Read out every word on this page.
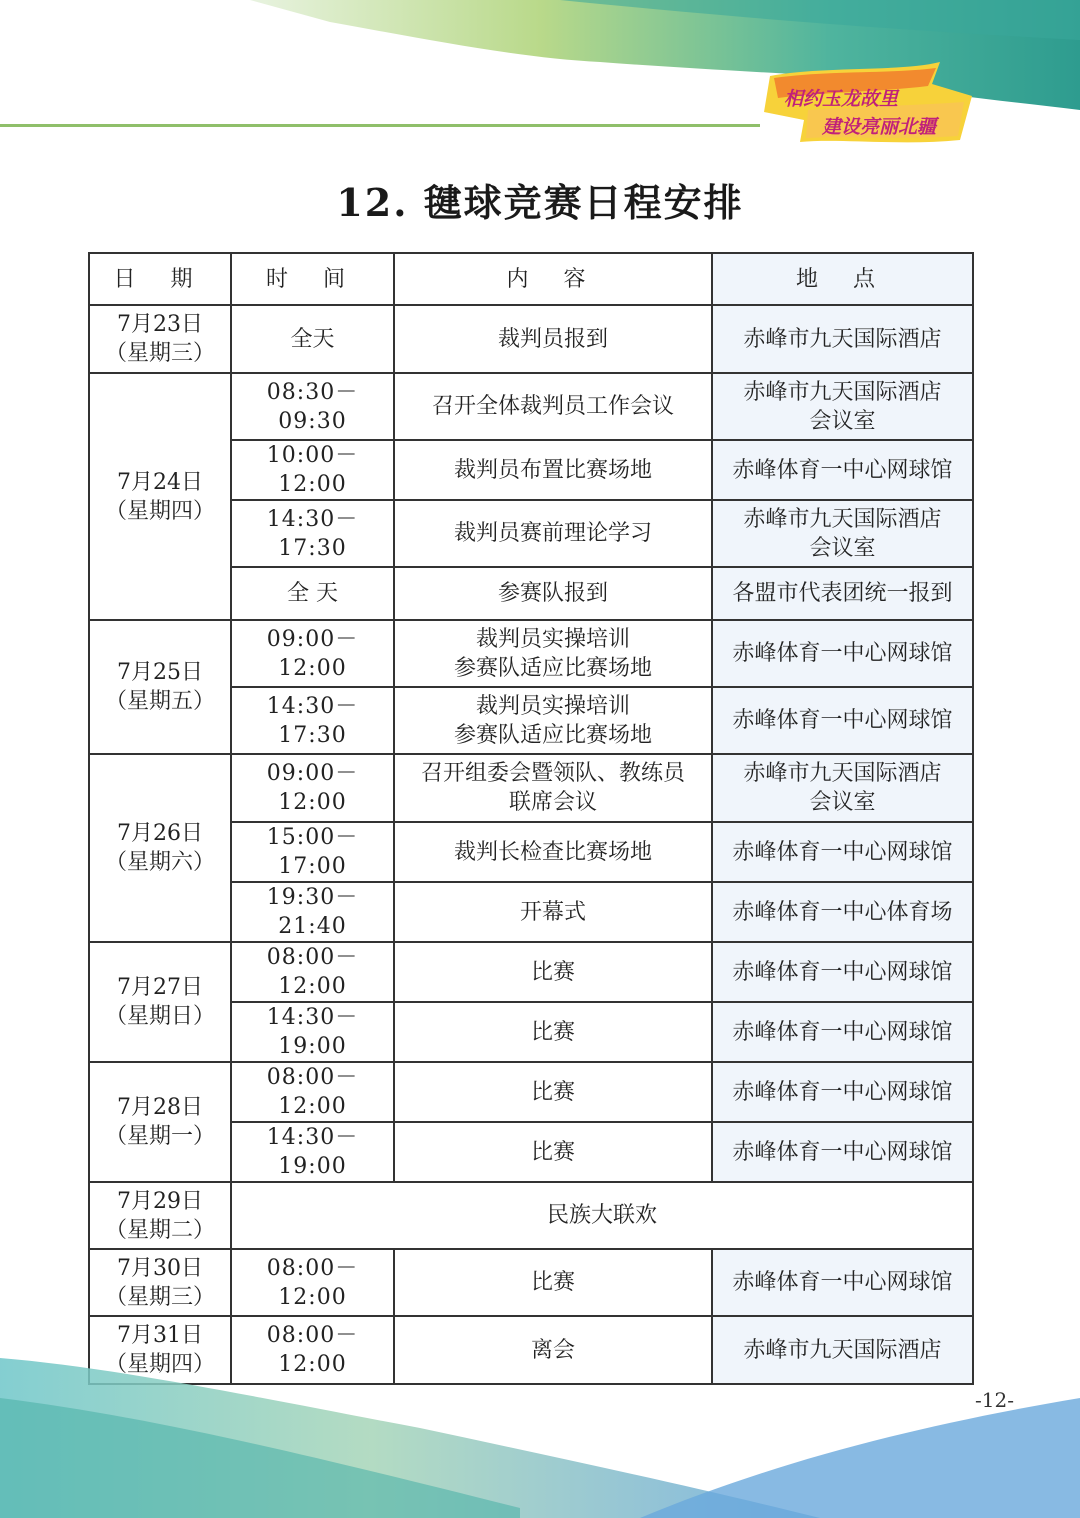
相约玉龙故里
建设亮丽北疆
12. 毽球竞赛日程安排
日 期	时 间	内 容	地 点

7月23日
（星期三）	全天	裁判员报到	赤峰市九天国际酒店

7月24日
（星期四）	08:30－09:30	召开全体裁判员工作会议	赤峰市九天国际酒店
会议室

	10:00－12:00	裁判员布置比赛场地	赤峰体育一中心网球馆
	14:30－17:30	裁判员赛前理论学习	赤峰市九天国际酒店
会议室

	全 天	参赛队报到	各盟市代表团统一报到

7月25日
（星期五）	09:00－12:00	裁判员实操培训
参赛队适应比赛场地	赤峰体育一中心网球馆
	14:30－17:30	裁判员实操培训
参赛队适应比赛场地	赤峰体育一中心网球馆

7月26日
（星期六）	09:00－12:00	召开组委会暨领队、教练员
联席会议	赤峰市九天国际酒店
会议室

	15:00－17:00	裁判长检查比赛场地	赤峰体育一中心网球馆
	19:30－21:40	开幕式	赤峰体育一中心体育场

7月27日
（星期日）	08:00－12:00	比赛	赤峰体育一中心网球馆
	14:30－19:00	比赛	赤峰体育一中心网球馆

7月28日
（星期一）	08:00－12:00	比赛	赤峰体育一中心网球馆
	14:30－19:00	比赛	赤峰体育一中心网球馆

7月29日
（星期二）	民族大联欢		

7月30日
（星期三）	08:00－12:00	比赛	赤峰体育一中心网球馆

7月31日
（星期四）	08:00－12:00	离会	赤峰市九天国际酒店
-12-
